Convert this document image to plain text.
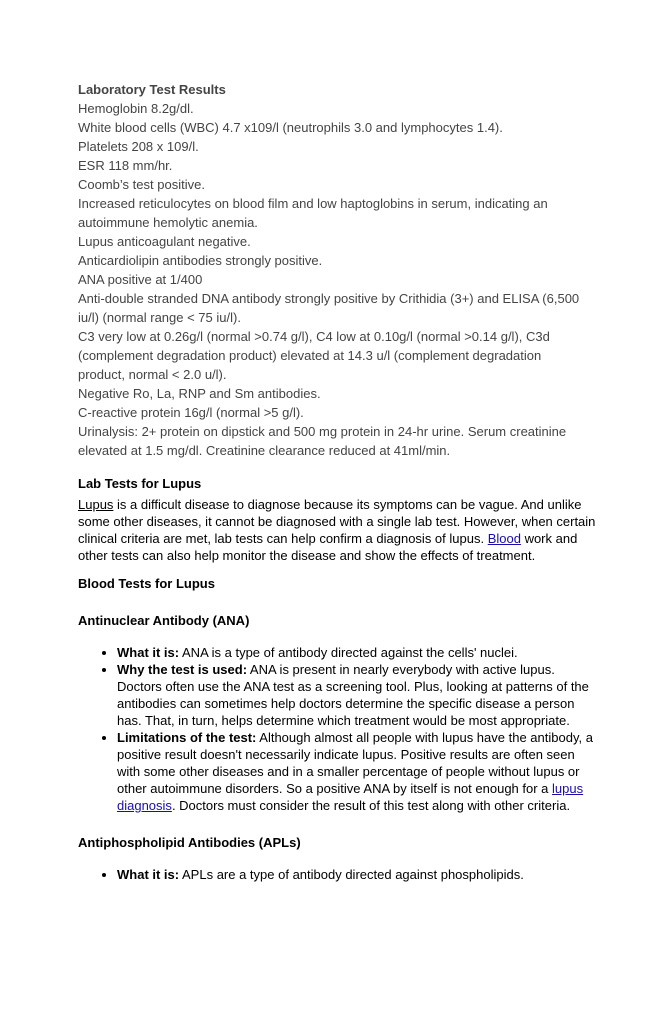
Laboratory Test Results
Hemoglobin 8.2g/dl.
White blood cells (WBC) 4.7 x109/l (neutrophils 3.0 and lymphocytes 1.4).
Platelets 208 x 109/l.
ESR 118 mm/hr.
Coomb’s test positive.
Increased reticulocytes on blood film and low haptoglobins in serum, indicating an
autoimmune hemolytic anemia.
Lupus anticoagulant negative.
Anticardiolipin antibodies strongly positive.
ANA positive at 1/400
Anti-double stranded DNA antibody strongly positive by Crithidia (3+) and ELISA (6,500
iu/l) (normal range < 75 iu/l).
C3 very low at 0.26g/l (normal >0.74 g/l), C4 low at 0.10g/l (normal >0.14 g/l), C3d
(complement degradation product) elevated at 14.3 u/l (complement degradation
product, normal < 2.0 u/l).
Negative Ro, La, RNP and Sm antibodies.
C-reactive protein 16g/l (normal >5 g/l).
Urinalysis: 2+ protein on dipstick and 500 mg protein in 24-hr urine. Serum creatinine
elevated at 1.5 mg/dl. Creatinine clearance reduced at 41ml/min.
Lab Tests for Lupus

Lupus is a difficult disease to diagnose because its symptoms can be vague. And unlike some other diseases, it cannot be diagnosed with a single lab test. However, when certain clinical criteria are met, lab tests can help confirm a diagnosis of lupus. Blood work and other tests can also help monitor the disease and show the effects of treatment.

Blood Tests for Lupus
Antinuclear Antibody (ANA)
• What it is: ANA is a type of antibody directed against the cells' nuclei.
• Why the test is used: ANA is present in nearly everybody with active lupus. Doctors often use the ANA test as a screening tool. Plus, looking at patterns of the antibodies can sometimes help doctors determine the specific disease a person has. That, in turn, helps determine which treatment would be most appropriate.
• Limitations of the test: Although almost all people with lupus have the antibody, a positive result doesn't necessarily indicate lupus. Positive results are often seen with some other diseases and in a smaller percentage of people without lupus or other autoimmune disorders. So a positive ANA by itself is not enough for a lupus diagnosis. Doctors must consider the result of this test along with other criteria.
Antiphospholipid Antibodies (APLs)
• What it is: APLs are a type of antibody directed against phospholipids.
